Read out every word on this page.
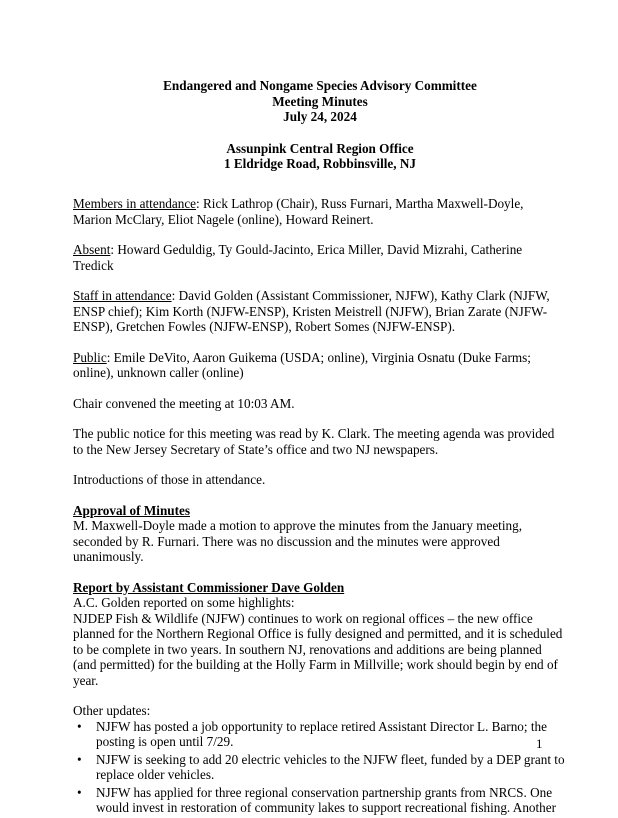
Endangered and Nongame Species Advisory Committee
Meeting Minutes
July 24, 2024
Assunpink Central Region Office
1 Eldridge Road, Robbinsville, NJ

Members in attendance: Rick Lathrop (Chair), Russ Furnari, Martha Maxwell-Doyle, Marion McClary, Eliot Nagele (online), Howard Reinert.

Absent: Howard Geduldig, Ty Gould-Jacinto, Erica Miller, David Mizrahi, Catherine Tredick

Staff in attendance: David Golden (Assistant Commissioner, NJFW), Kathy Clark (NJFW, ENSP chief); Kim Korth (NJFW-ENSP), Kristen Meistrell (NJFW), Brian Zarate (NJFW-ENSP), Gretchen Fowles (NJFW-ENSP), Robert Somes (NJFW-ENSP).

Public: Emile DeVito, Aaron Guikema (USDA; online), Virginia Osnatu (Duke Farms; online), unknown caller (online)

Chair convened the meeting at 10:03 AM.

The public notice for this meeting was read by K. Clark. The meeting agenda was provided to the New Jersey Secretary of State’s office and two NJ newspapers.

Introductions of those in attendance.

Approval of Minutes
M. Maxwell-Doyle made a motion to approve the minutes from the January meeting, seconded by R. Furnari. There was no discussion and the minutes were approved unanimously.
Report by Assistant Commissioner Dave Golden
A.C. Golden reported on some highlights:
NJDEP Fish & Wildlife (NJFW) continues to work on regional offices – the new office planned for the Northern Regional Office is fully designed and permitted, and it is scheduled to be complete in two years. In southern NJ, renovations and additions are being planned (and permitted) for the building at the Holly Farm in Millville; work should begin by end of year.
Other updates:
• NJFW has posted a job opportunity to replace retired Assistant Director L. Barno; the posting is open until 7/29.
• NJFW is seeking to add 20 electric vehicles to the NJFW fleet, funded by a DEP grant to replace older vehicles.
• NJFW has applied for three regional conservation partnership grants from NRCS. One would invest in restoration of community lakes to support recreational fishing. Another
1
